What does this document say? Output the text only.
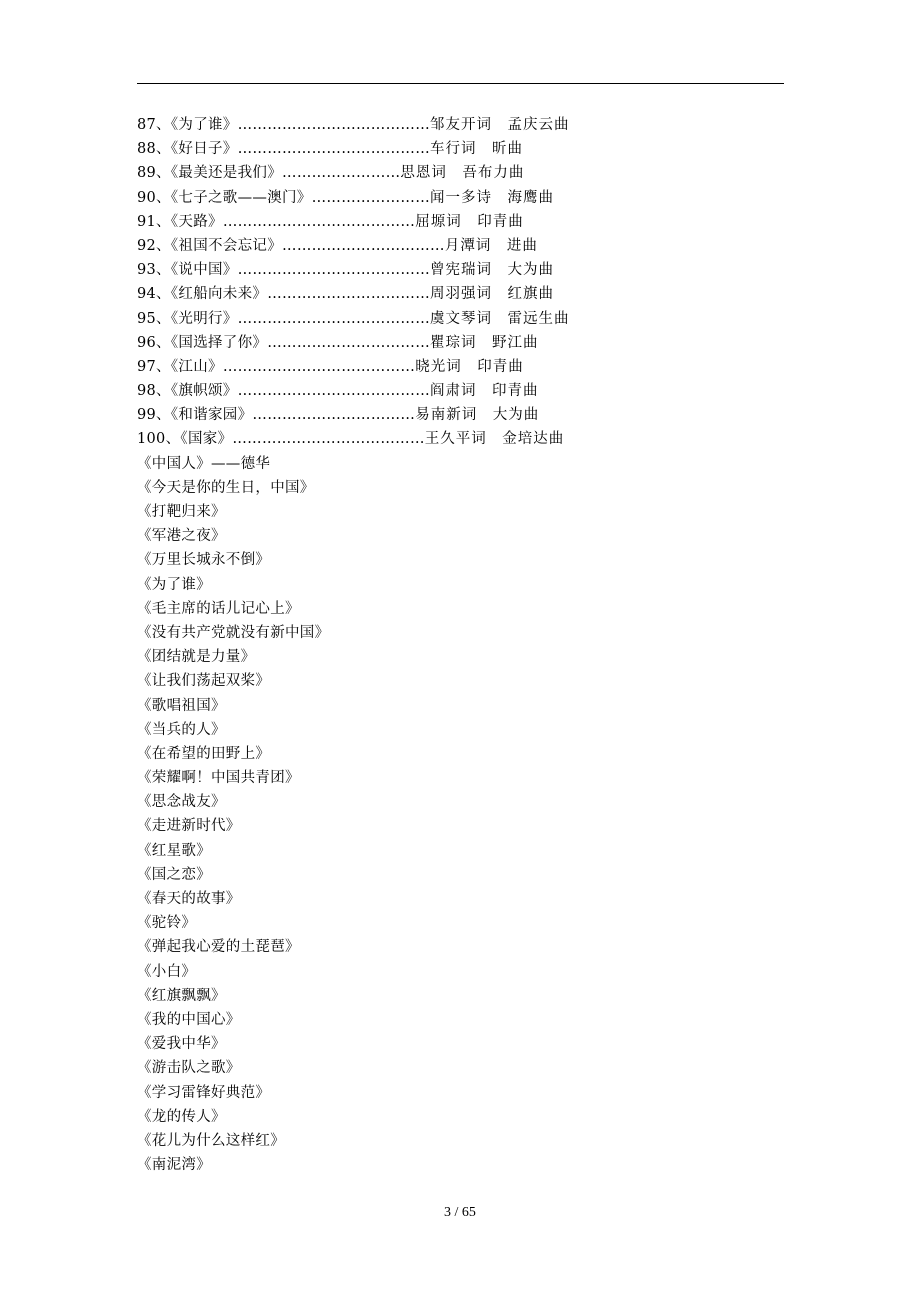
87、《为了谁》…………………………………邹友开词　孟庆云曲
88、《好日子》…………………………………车行词　昕曲
89、《最美还是我们》……………………思恩词　吾布力曲
90、《七子之歌——澳门》……………………闻一多诗　海鹰曲
91、《天路》…………………………………屈塬词　印青曲
92、《祖国不会忘记》……………………………月潭词　进曲
93、《说中国》…………………………………曾宪瑞词　大为曲
94、《红船向未来》……………………………周羽强词　红旗曲
95、《光明行》…………………………………虞文琴词　雷远生曲
96、《国选择了你》……………………………瞿琮词　野江曲
97、《江山》…………………………………晓光词　印青曲
98、《旗帜颂》…………………………………阎肃词　印青曲
99、《和谐家园》……………………………易南新词　大为曲
100、《国家》…………………………………王久平词　金培达曲
《中国人》——德华
《今天是你的生日，中国》
《打靶归来》
《军港之夜》
《万里长城永不倒》
《为了谁》
《毛主席的话儿记心上》
《没有共产党就没有新中国》
《团结就是力量》
《让我们荡起双桨》
《歌唱祖国》
《当兵的人》
《在希望的田野上》
《荣耀啊！中国共青团》
《思念战友》
《走进新时代》
《红星歌》
《国之恋》
《春天的故事》
《驼铃》
《弹起我心爱的土琵琶》
《小白》
《红旗飘飘》
《我的中国心》
《爱我中华》
《游击队之歌》
《学习雷锋好典范》
《龙的传人》
《花儿为什么这样红》
《南泥湾》
3 / 65
